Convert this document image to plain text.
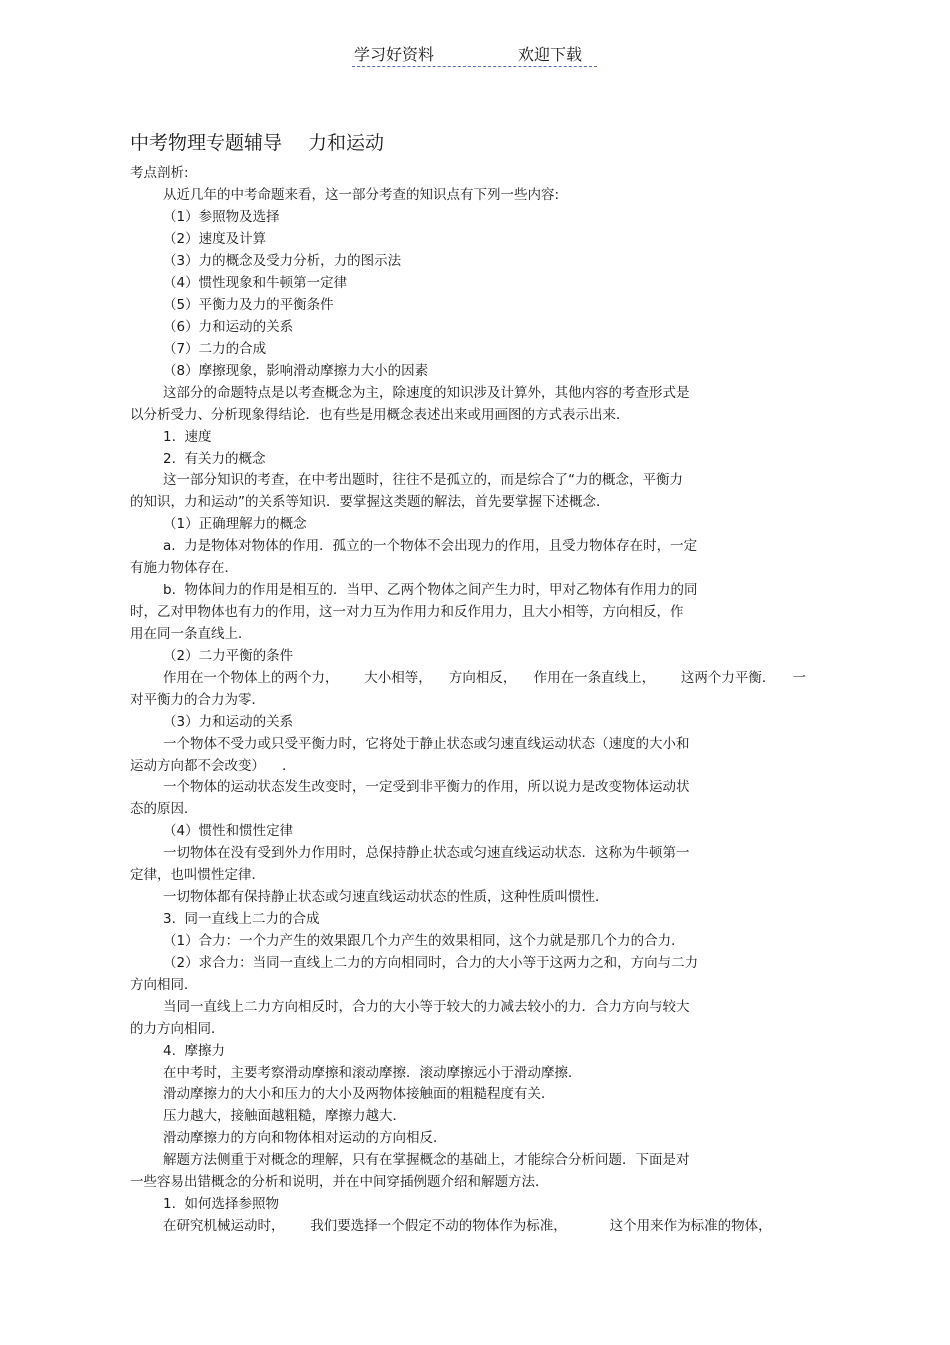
学习好资料	欢迎下载
中考物理专题辅导 力和运动
考点剖析:
从近几年的中考命题来看，这一部分考查的知识点有下列一些内容:
（1）参照物及选择
（2）速度及计算
（3）力的概念及受力分析，力的图示法
（4）惯性现象和牛顿第一定律
（5）平衡力及力的平衡条件
（6）力和运动的关系
（7）二力的合成
（8）摩擦现象，影响滑动摩擦力大小的因素
这部分的命题特点是以考查概念为主，除速度的知识涉及计算外，其他内容的考查形式是
以分析受力、分析现象得结论．也有些是用概念表述出来或用画图的方式表示出来．
1.  速度
2.  有关力的概念
这一部分知识的考查，在中考出题时，往往不是孤立的，而是综合了“力的概念，平衡力
的知识，力和运动”的关系等知识．要掌握这类题的解法，首先要掌握下述概念．
（1）正确理解力的概念
a.  力是物体对物体的作用．孤立的一个物体不会出现力的作用，且受力物体存在时，一定
有施力物体存在．
b.  物体间力的作用是相互的．当甲、乙两个物体之间产生力时，甲对乙物体有作用力的同
时，乙对甲物体也有力的作用，这一对力互为作用力和反作用力，且大小相等，方向相反，作
用在同一条直线上．
（2）二力平衡的条件
作用在一个物体上的两个力，      大小相等，    方向相反，    作用在一条直线上，      这两个力平衡．    一
对平衡力的合力为零．
（3）力和运动的关系
一个物体不受力或只受平衡力时，它将处于静止状态或匀速直线运动状态（速度的大小和
运动方向都不会改变）    ．
一个物体的运动状态发生改变时，一定受到非平衡力的作用，所以说力是改变物体运动状
态的原因．
（4）惯性和惯性定律
一切物体在没有受到外力作用时，总保持静止状态或匀速直线运动状态．这称为牛顿第一
定律，也叫惯性定律．
一切物体都有保持静止状态或匀速直线运动状态的性质，这种性质叫惯性．
3.  同一直线上二力的合成
（1）合力：一个力产生的效果跟几个力产生的效果相同，这个力就是那几个力的合力．
（2）求合力：当同一直线上二力的方向相同时，合力的大小等于这两力之和，方向与二力
方向相同．
当同一直线上二力方向相反时，合力的大小等于较大的力减去较小的力．合力方向与较大
的力方向相同．
4.  摩擦力
在中考时，主要考察滑动摩擦和滚动摩擦．滚动摩擦远小于滑动摩擦．
滑动摩擦力的大小和压力的大小及两物体接触面的粗糙程度有关．
压力越大，接触面越粗糙，摩擦力越大．
滑动摩擦力的方向和物体相对运动的方向相反．
解题方法侧重于对概念的理解，只有在掌握概念的基础上，才能综合分析问题．下面是对
一些容易出错概念的分析和说明，并在中间穿插例题介绍和解题方法．
1.  如何选择参照物
在研究机械运动时，      我们要选择一个假定不动的物体作为标准，          这个用来作为标准的物体，
